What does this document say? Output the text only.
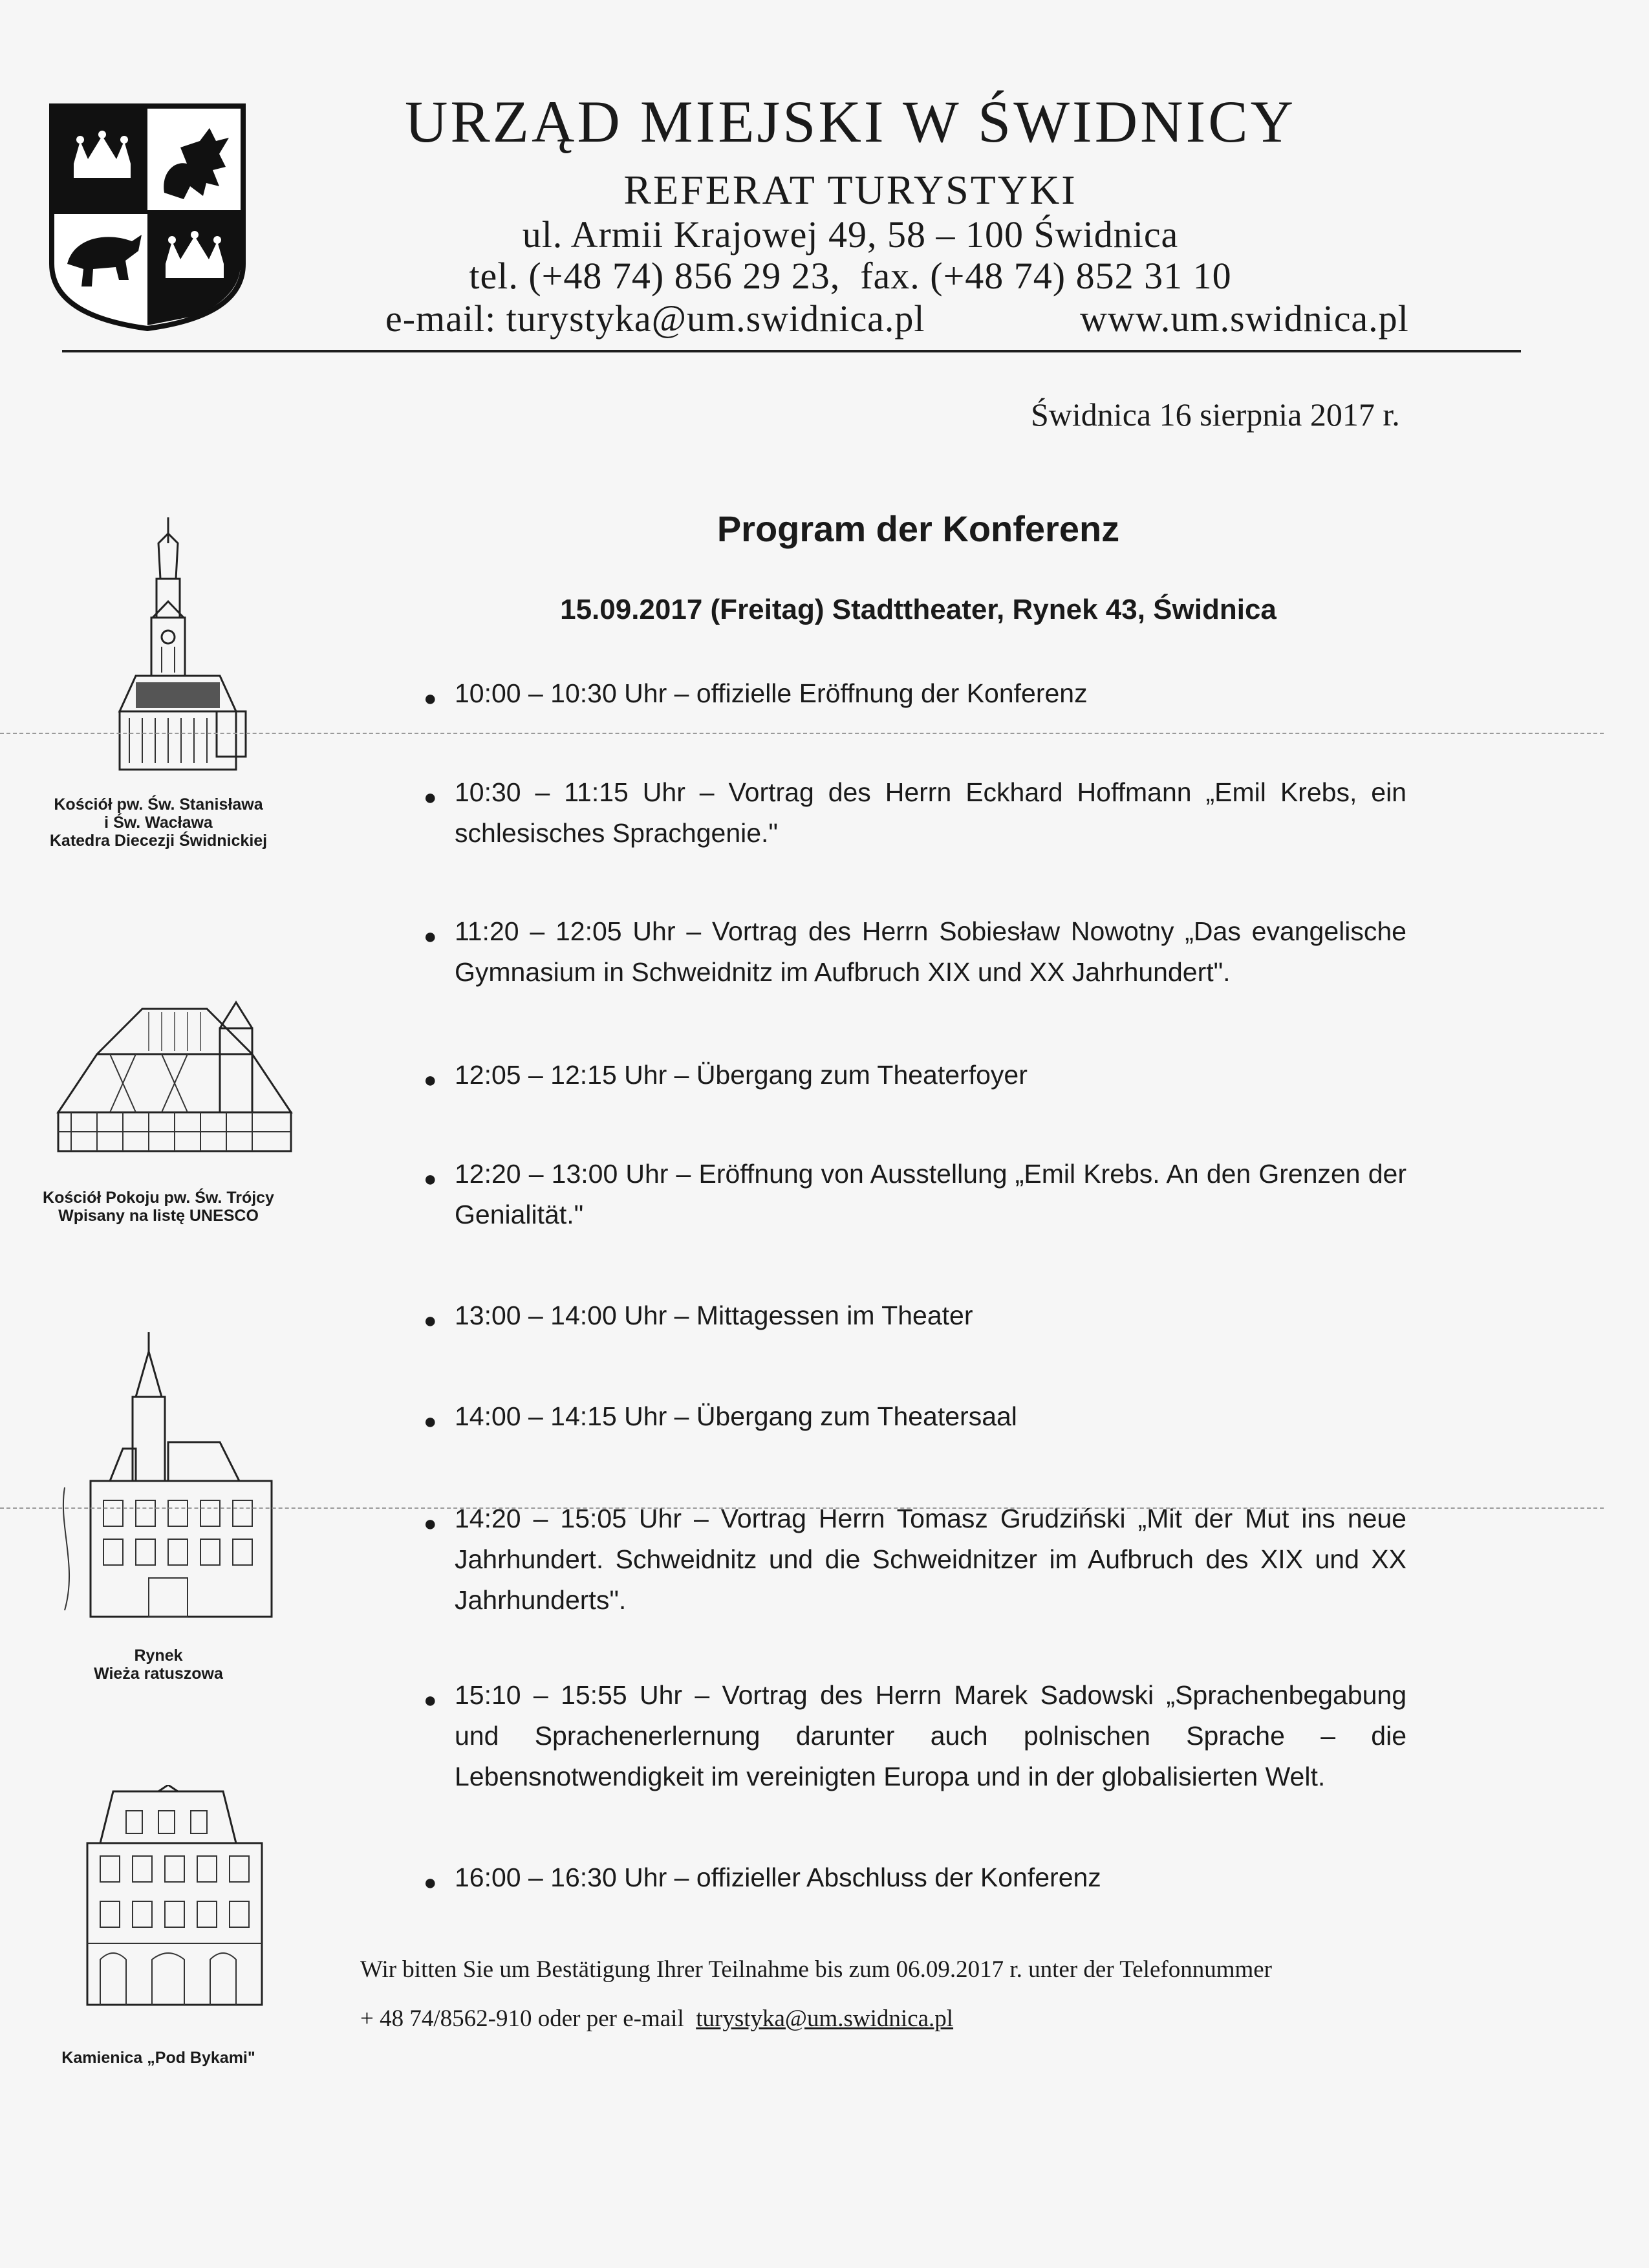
URZĄD MIEJSKI W ŚWIDNICY
REFERAT TURYSTYKI
ul. Armii Krajowej 49, 58 – 100 Świdnica
tel. (+48 74) 856 29 23,  fax. (+48 74) 852 31 10
e-mail: turystyka@um.swidnica.pl	www.um.swidnica.pl
Świdnica 16 sierpnia 2017 r.
Kościół pw. Św. Stanisława
i Św. Wacława
Katedra Diecezji Świdnickiej
Kościół Pokoju pw. Św. Trójcy
Wpisany na listę UNESCO
Rynek
Wieża ratuszowa
Kamienica „Pod Bykami"
Program der Konferenz
15.09.2017 (Freitag) Stadttheater, Rynek 43, Świdnica
● 10:00 – 10:30 Uhr – offizielle Eröffnung der Konferenz
● 10:30 – 11:15 Uhr – Vortrag des Herrn Eckhard Hoffmann „Emil Krebs, ein schlesisches Sprachgenie."
● 11:20 – 12:05 Uhr – Vortrag des Herrn Sobiesław Nowotny „Das evangelische Gymnasium in Schweidnitz im Aufbruch XIX und XX Jahrhundert".
● 12:05 – 12:15 Uhr – Übergang zum Theaterfoyer
● 12:20 – 13:00 Uhr – Eröffnung von Ausstellung „Emil Krebs. An den Grenzen der Genialität."
● 13:00 – 14:00 Uhr – Mittagessen im Theater
● 14:00 – 14:15 Uhr – Übergang zum Theatersaal
● 14:20 – 15:05 Uhr – Vortrag Herrn Tomasz Grudziński „Mit der Mut ins neue Jahrhundert. Schweidnitz und die Schweidnitzer im Aufbruch des XIX und XX Jahrhunderts".
● 15:10 – 15:55 Uhr – Vortrag des Herrn Marek Sadowski „Sprachenbegabung und Sprachenerlernung darunter auch polnischen Sprache – die Lebensnotwendigkeit im vereinigten Europa und in der globalisierten Welt.
● 16:00 – 16:30 Uhr – offizieller Abschluss der Konferenz
Wir bitten Sie um Bestätigung Ihrer Teilnahme bis zum 06.09.2017 r. unter der Telefonnummer
+ 48 74/8562-910 oder per e-mail  turystyka@um.swidnica.pl
